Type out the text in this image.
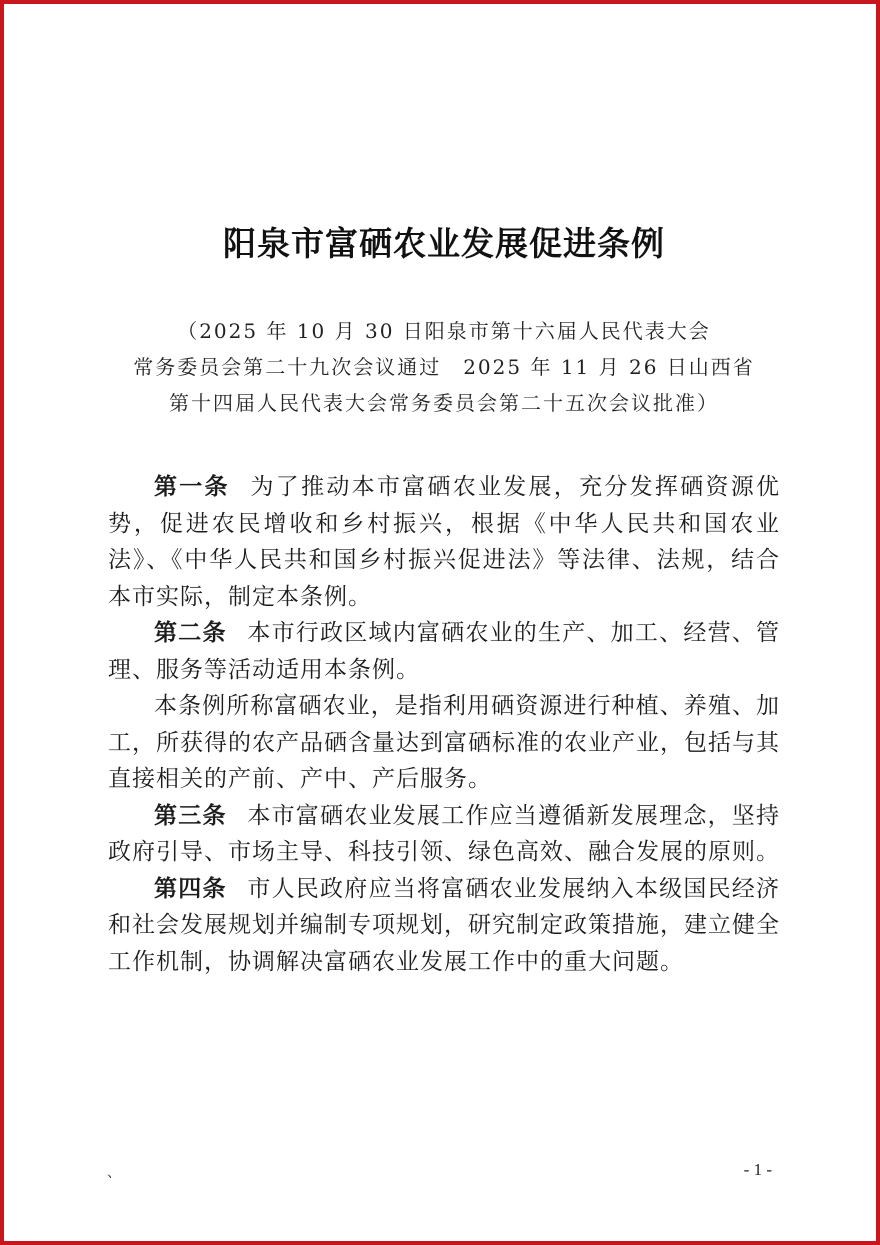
阳泉市富硒农业发展促进条例
（2025 年 10 月 30 日阳泉市第十六届人民代表大会
常务委员会第二十九次会议通过　2025 年 11 月 26 日山西省
第十四届人民代表大会常务委员会第二十五次会议批准）

第一条 为了推动本市富硒农业发展，充分发挥硒资源优势，促进农民增收和乡村振兴，根据《中华人民共和国农业法》、《中华人民共和国乡村振兴促进法》等法律、法规，结合本市实际，制定本条例。

第二条 本市行政区域内富硒农业的生产、加工、经营、管理、服务等活动适用本条例。

本条例所称富硒农业，是指利用硒资源进行种植、养殖、加工，所获得的农产品硒含量达到富硒标准的农业产业，包括与其直接相关的产前、产中、产后服务。

第三条 本市富硒农业发展工作应当遵循新发展理念，坚持政府引导、市场主导、科技引领、绿色高效、融合发展的原则。

第四条 市人民政府应当将富硒农业发展纳入本级国民经济和社会发展规划并编制专项规划，研究制定政策措施，建立健全工作机制，协调解决富硒农业发展工作中的重大问题。

、	- 1 -
